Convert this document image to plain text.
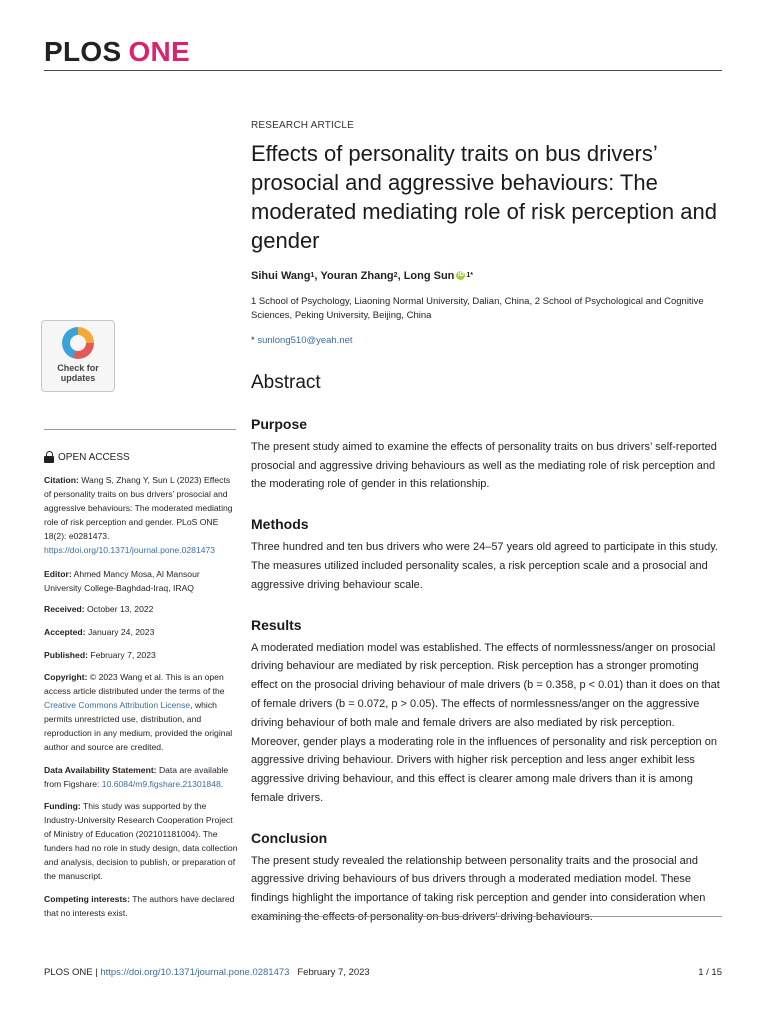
PLOS ONE
Check for
updates
OPEN ACCESS
Citation: Wang S, Zhang Y, Sun L (2023) Effects of personality traits on bus drivers’ prosocial and aggressive behaviours: The moderated mediating role of risk perception and gender. PLoS ONE 18(2): e0281473. https://doi.org/10.1371/journal.pone.0281473
Editor: Ahmed Mancy Mosa, Al Mansour University College-Baghdad-Iraq, IRAQ
Received: October 13, 2022
Accepted: January 24, 2023
Published: February 7, 2023
Copyright: © 2023 Wang et al. This is an open access article distributed under the terms of the Creative Commons Attribution License, which permits unrestricted use, distribution, and reproduction in any medium, provided the original author and source are credited.
Data Availability Statement: Data are available from Figshare: 10.6084/m9.figshare.21301848.
Funding: This study was supported by the Industry-University Research Cooperation Project of Ministry of Education (202101181004). The funders had no role in study design, data collection and analysis, decision to publish, or preparation of the manuscript.
Competing interests: The authors have declared that no interests exist.
RESEARCH ARTICLE
Effects of personality traits on bus drivers’ prosocial and aggressive behaviours: The moderated mediating role of risk perception and gender
Sihui Wang 1 , Youran Zhang 2 , Long Sun iD 1*
1 School of Psychology, Liaoning Normal University, Dalian, China, 2 School of Psychological and Cognitive Sciences, Peking University, Beijing, China
* sunlong510@yeah.net
Abstract
Purpose
The present study aimed to examine the effects of personality traits on bus drivers’ self-reported prosocial and aggressive driving behaviours as well as the mediating role of risk perception and the moderating role of gender in this relationship.
Methods
Three hundred and ten bus drivers who were 24–57 years old agreed to participate in this study. The measures utilized included personality scales, a risk perception scale and a prosocial and aggressive driving behaviour scale.
Results
A moderated mediation model was established. The effects of normlessness/anger on prosocial driving behaviour are mediated by risk perception. Risk perception has a stronger promoting effect on the prosocial driving behaviour of male drivers (b = 0.358, p < 0.01) than it does on that of female drivers (b = 0.072, p > 0.05). The effects of normlessness/anger on the aggressive driving behaviour of both male and female drivers are also mediated by risk perception. Moreover, gender plays a moderating role in the influences of personality and risk perception on aggressive driving behaviour. Drivers with higher risk perception and less anger exhibit less aggressive driving behaviour, and this effect is clearer among male drivers than it is among female drivers.
Conclusion
The present study revealed the relationship between personality traits and the prosocial and aggressive driving behaviours of bus drivers through a moderated mediation model. These findings highlight the importance of taking risk perception and gender into consideration when examining the effects of personality on bus drivers’ driving behaviours.
PLOS ONE | https://doi.org/10.1371/journal.pone.0281473 February 7, 2023	1 / 15
